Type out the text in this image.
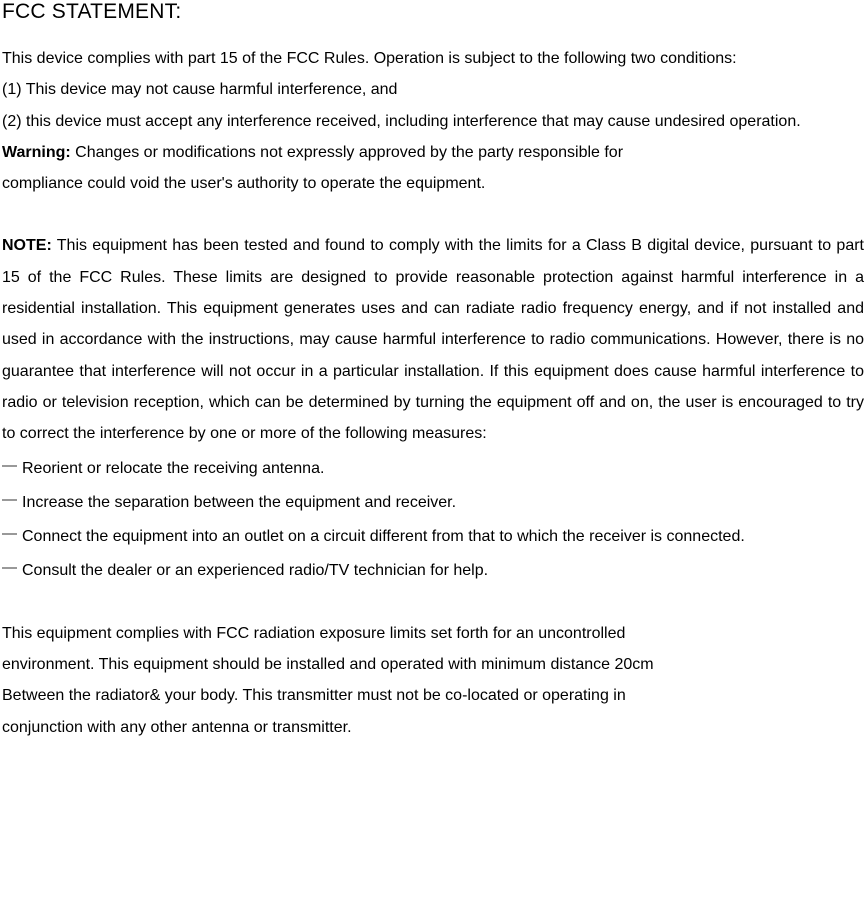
FCC STATEMENT:

This device complies with part 15 of the FCC Rules. Operation is subject to the following two conditions:

(1) This device may not cause harmful interference, and

(2) this device must accept any interference received, including interference that may cause undesired operation.

Warning: Changes or modifications not expressly approved by the party responsible for
compliance could void the user's authority to operate the equipment.

NOTE: This equipment has been tested and found to comply with the limits for a Class B digital device, pursuant to part 15 of the FCC Rules. These limits are designed to provide reasonable protection against harmful interference in a residential installation. This equipment generates uses and can radiate radio frequency energy, and if not installed and used in accordance with the instructions, may cause harmful interference to radio communications. However, there is no guarantee that interference will not occur in a particular installation. If this equipment does cause harmful interference to radio or television reception, which can be determined by turning the equipment off and on, the user is encouraged to try to correct the interference by one or more of the following measures:

— Reorient or relocate the receiving antenna.

— Increase the separation between the equipment and receiver.

— Connect the equipment into an outlet on a circuit different from that to which the receiver is connected.

— Consult the dealer or an experienced radio/TV technician for help.

This equipment complies with FCC radiation exposure limits set forth for an uncontrolled
environment. This equipment should be installed and operated with minimum distance 20cm
Between the radiator& your body. This transmitter must not be co-located or operating in
conjunction with any other antenna or transmitter.
